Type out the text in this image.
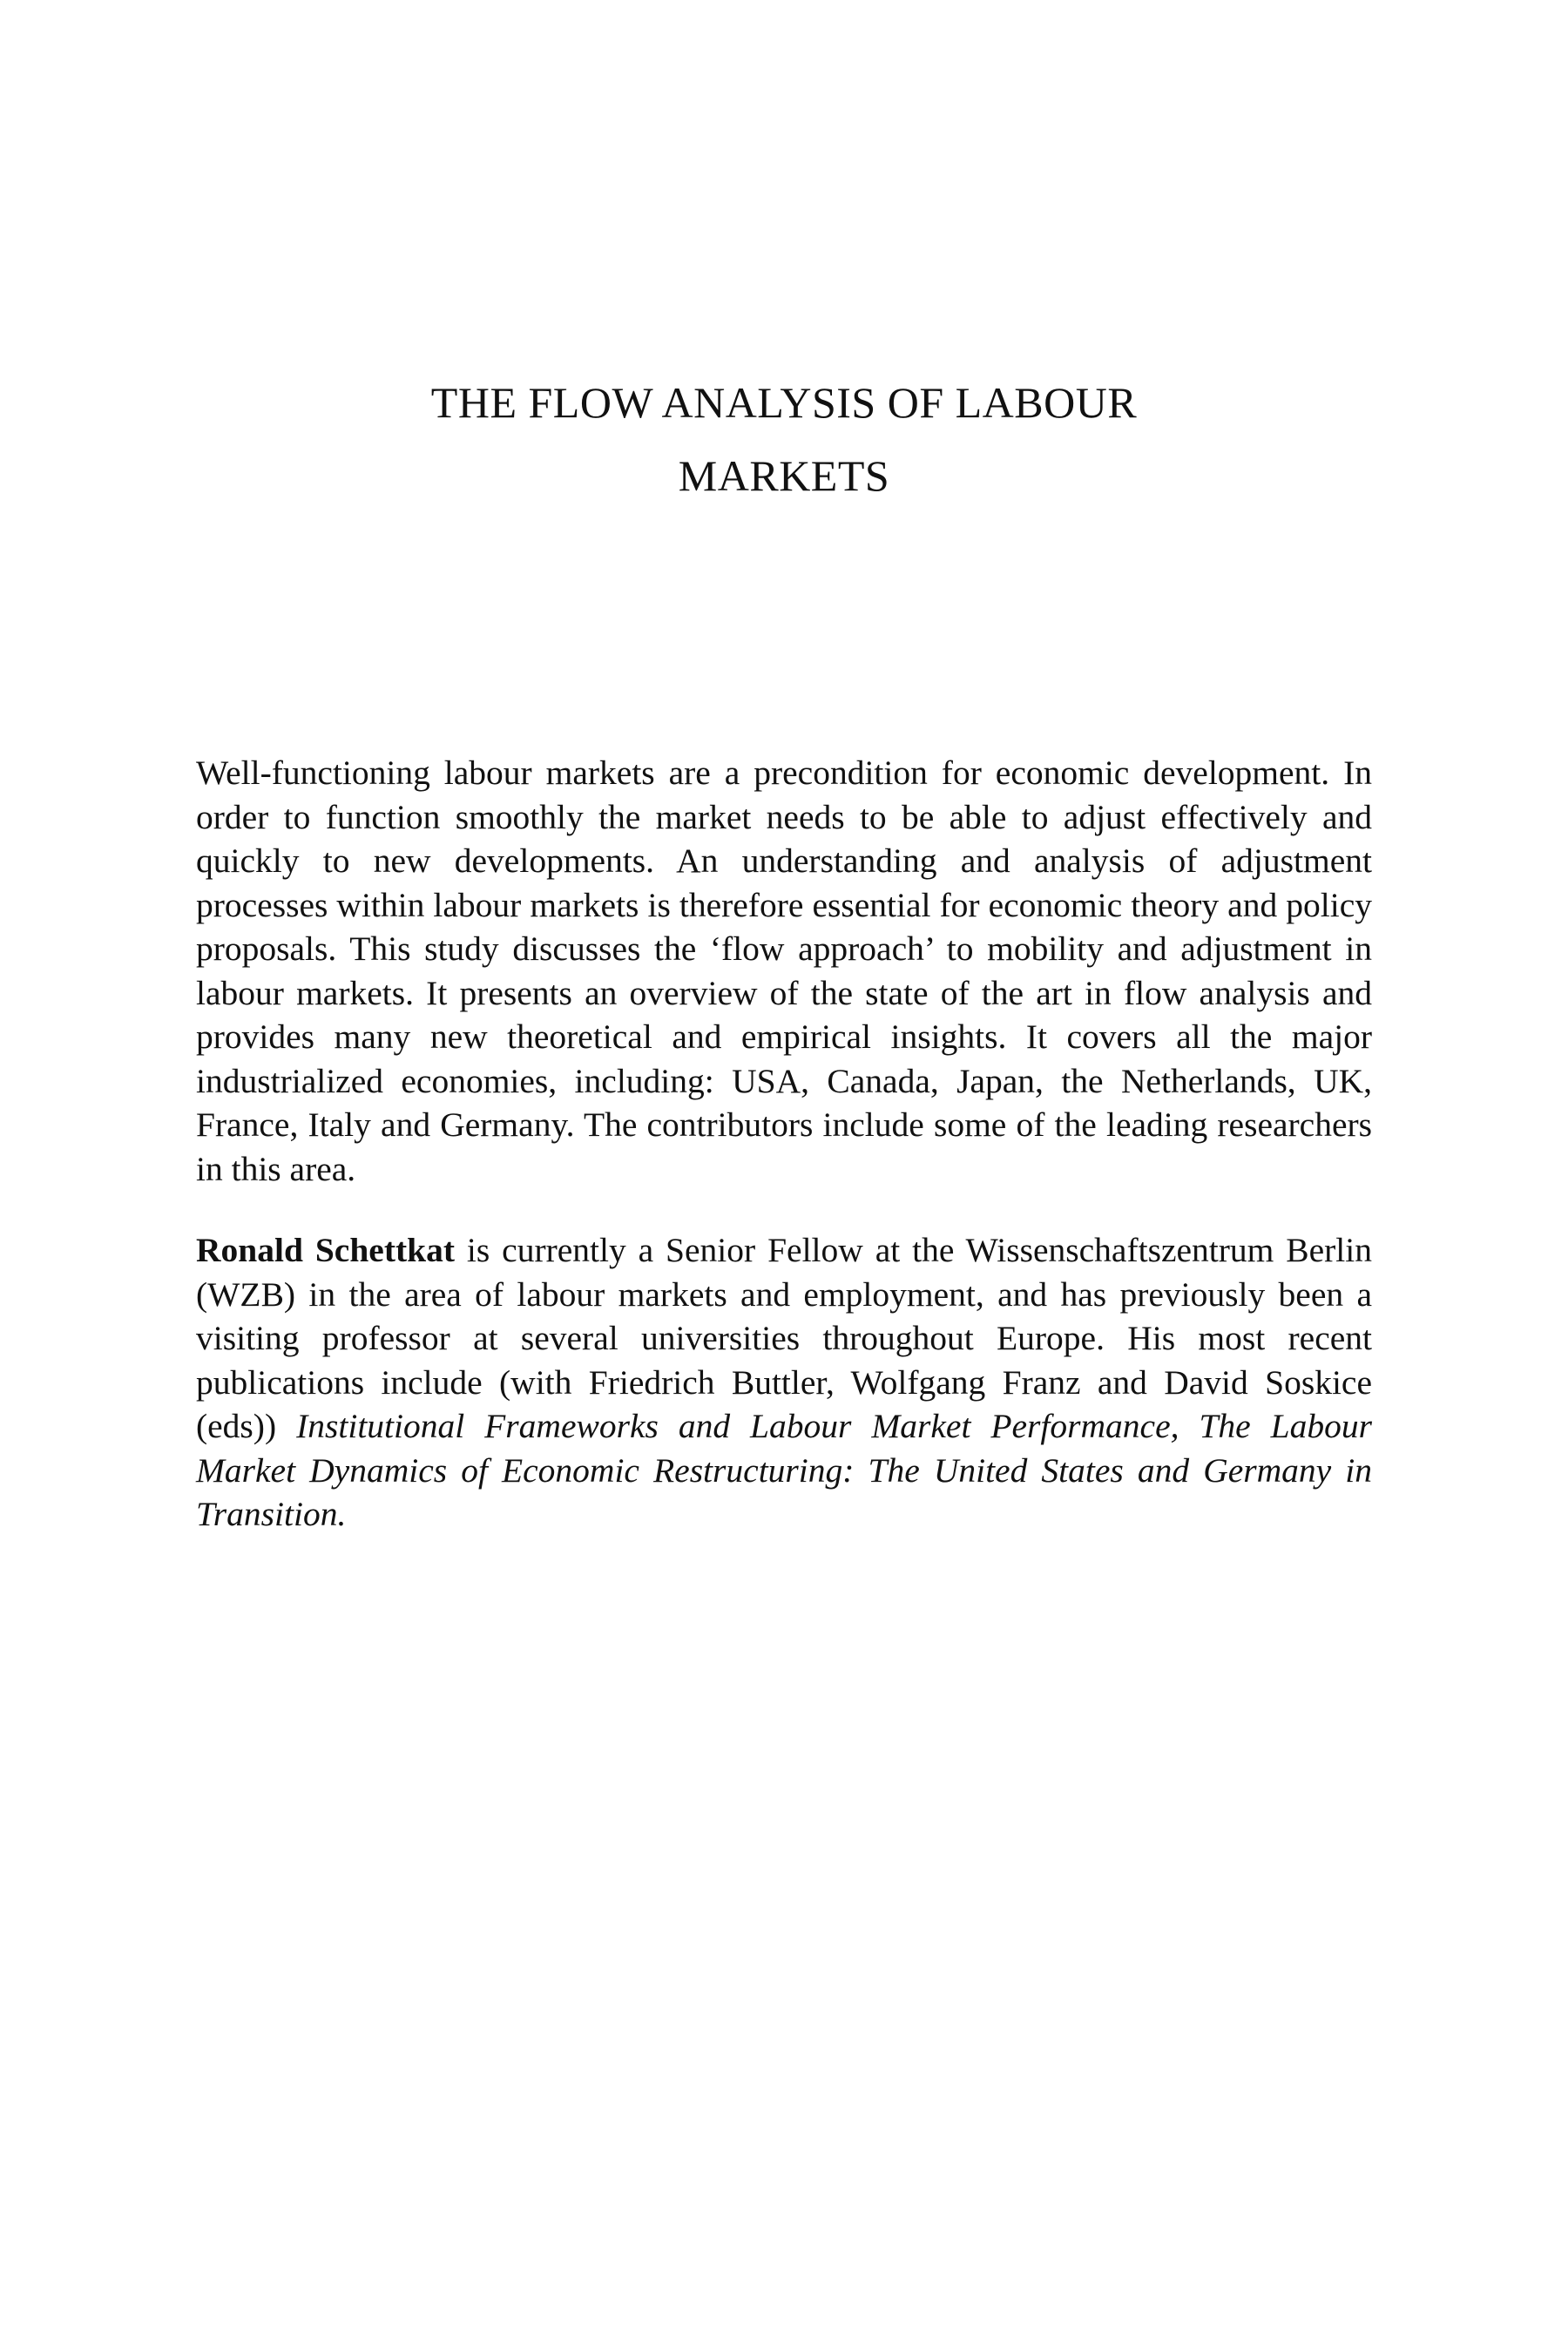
THE FLOW ANALYSIS OF LABOUR
MARKETS

Well-functioning labour markets are a precondition for economic development. In order to function smoothly the market needs to be able to adjust effectively and quickly to new developments. An understanding and analysis of adjustment processes within labour markets is therefore essential for economic theory and policy proposals. This study discusses the ‘flow approach’ to mobility and adjustment in labour markets. It presents an overview of the state of the art in flow analysis and provides many new theoretical and empirical insights. It covers all the major industrialized economies, including: USA, Canada, Japan, the Netherlands, UK, France, Italy and Germany. The contributors include some of the leading researchers in this area.

Ronald Schettkat is currently a Senior Fellow at the Wissenschaftszentrum Berlin (WZB) in the area of labour markets and employment, and has previously been a visiting professor at several universities throughout Europe. His most recent publications include (with Friedrich Buttler, Wolfgang Franz and David Soskice (eds)) Institutional Frameworks and Labour Market Performance, The Labour Market Dynamics of Economic Restructuring: The United States and Germany in Transition.
